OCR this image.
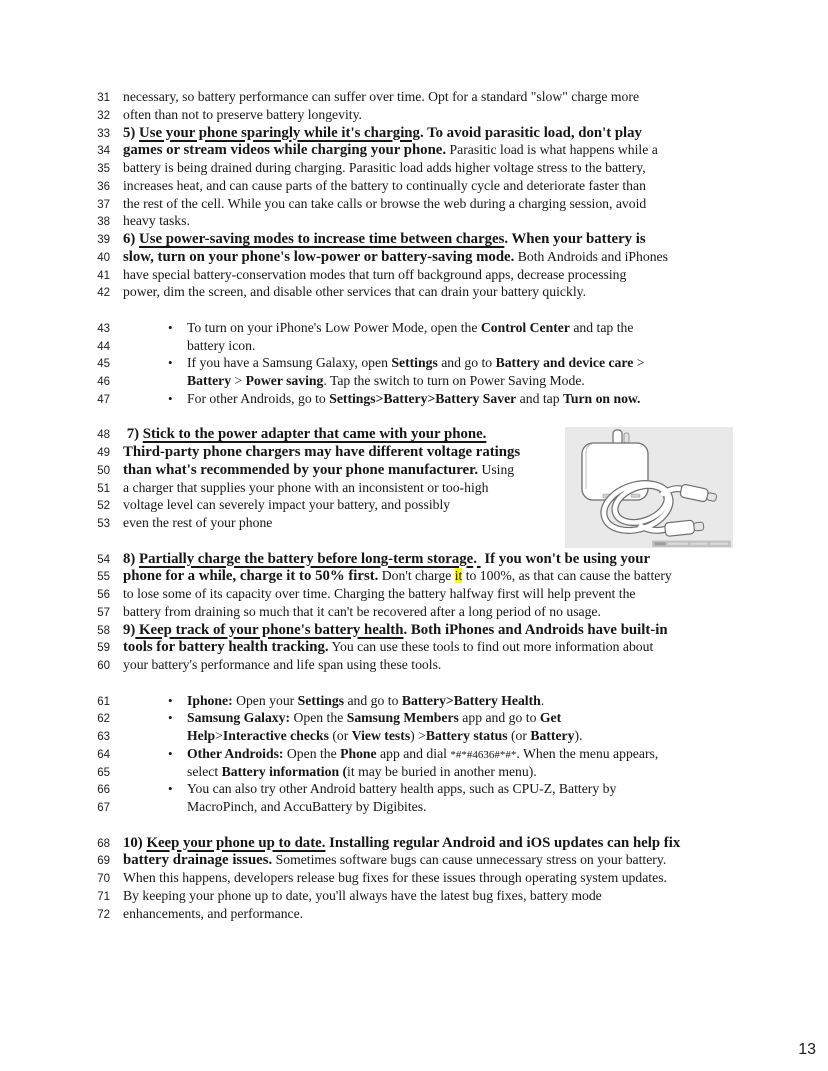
31 necessary, so battery performance can suffer over time. Opt for a standard "slow" charge more
32 often than not to preserve battery longevity.
33 5) Use your phone sparingly while it's charging. To avoid parasitic load, don't play
34 games or stream videos while charging your phone. Parasitic load is what happens while a
35 battery is being drained during charging. Parasitic load adds higher voltage stress to the battery,
36 increases heat, and can cause parts of the battery to continually cycle and deteriorate faster than
37 the rest of the cell. While you can take calls or browse the web during a charging session, avoid
38 heavy tasks.
39 6) Use power-saving modes to increase time between charges. When your battery is
40 slow, turn on your phone's low-power or battery-saving mode. Both Androids and iPhones
41 have special battery-conservation modes that turn off background apps, decrease processing
42 power, dim the screen, and disable other services that can drain your battery quickly.
43	• To turn on your iPhone's Low Power Mode, open the Control Center and tap the
44	battery icon.
45	• If you have a Samsung Galaxy, open Settings and go to Battery and device care >
46	Battery > Power saving. Tap the switch to turn on Power Saving Mode.
47	• For other Androids, go to Settings>Battery>Battery Saver and tap Turn on now.
48 7) Stick to the power adapter that came with your phone.
49 Third-party phone chargers may have different voltage ratings
50 than what's recommended by your phone manufacturer. Using
51 a charger that supplies your phone with an inconsistent or too-high
52 voltage level can severely impact your battery, and possibly
53 even the rest of your phone
54 8) Partially charge the battery before long-term storage. If you won't be using your
55 phone for a while, charge it to 50% first. Don't charge it to 100%, as that can cause the battery
56 to lose some of its capacity over time. Charging the battery halfway first will help prevent the
57 battery from draining so much that it can't be recovered after a long period of no usage.
58 9) Keep track of your phone's battery health. Both iPhones and Androids have built-in
59 tools for battery health tracking. You can use these tools to find out more information about
60 your battery's performance and life span using these tools.
61	• Iphone: Open your Settings and go to Battery>Battery Health.
62	• Samsung Galaxy: Open the Samsung Members app and go to Get
63	Help>Interactive checks (or View tests) >Battery status (or Battery).
64	• Other Androids: Open the Phone app and dial *#*#4636#*#*. When the menu appears,
65	select Battery information (it may be buried in another menu).
66	• You can also try other Android battery health apps, such as CPU-Z, Battery by
67	MacroPinch, and AccuBattery by Digibites.
68 10) Keep your phone up to date. Installing regular Android and iOS updates can help fix
69 battery drainage issues. Sometimes software bugs can cause unnecessary stress on your battery.
70 When this happens, developers release bug fixes for these issues through operating system updates.
71 By keeping your phone up to date, you'll always have the latest bug fixes, battery mode
72 enhancements, and performance.
13
